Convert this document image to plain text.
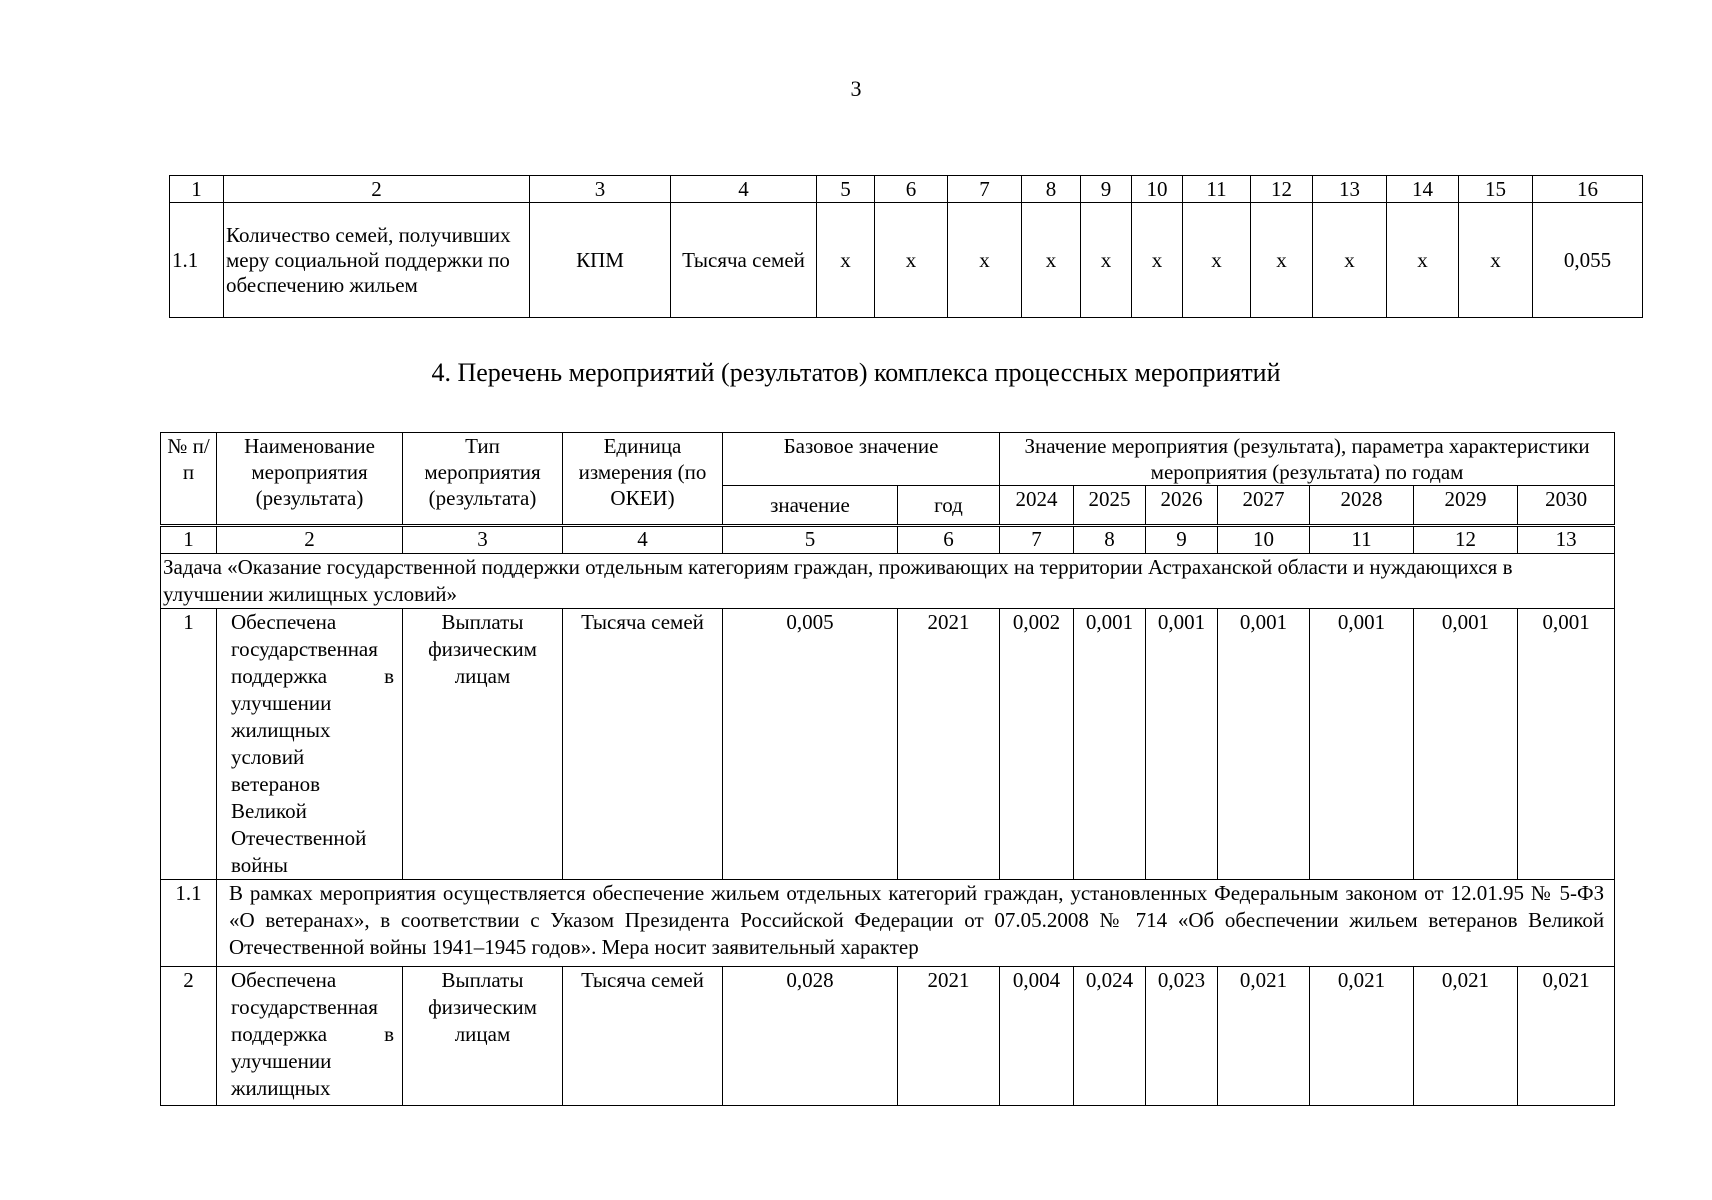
3
1	2	3	4	5	6	7	8	9	10	11	12	13	14	15	16
1.1	Количество семей, получивших меру социальной поддержки по обеспечению жильем	КПМ	Тысяча семей	x	x	x	x	x	x	x	x	x	x	x	0,055
4. Перечень мероприятий (результатов) комплекса процессных мероприятий
№ п/п	Наименование мероприятия (результата)	Тип мероприятия (результата)	Единица измерения (по ОКЕИ)	Базовое значение		Значение мероприятия (результата), параметра характеристики мероприятия (результата) по годам						
				значение	год	2024	2025	2026	2027	2028	2029	2030
1	2	3	4	5	6	7	8	9	10	11	12	13
Задача «Оказание государственной поддержки отдельным категориям граждан, проживающих на территории Астраханской области и нуждающихся в улучшении жилищных условий»												
1	Обеспечена государственная поддержка в улучшении жилищных условий ветеранов Великой Отечественной войны	Выплаты физическим лицам	Тысяча семей	0,005	2021	0,002	0,001	0,001	0,001	0,001	0,001	0,001
1.1	В рамках мероприятия осуществляется обеспечение жильем отдельных категорий граждан, установленных Федеральным законом от 12.01.95 № 5-ФЗ «О ветеранах», в соответствии с Указом Президента Российской Федерации от 07.05.2008 № 714 «Об обеспечении жильем ветеранов Великой Отечественной войны 1941–1945 годов». Мера носит заявительный характер											
2	Обеспечена государственная поддержка в улучшении жилищных	Выплаты физическим лицам	Тысяча семей	0,028	2021	0,004	0,024	0,023	0,021	0,021	0,021	0,021
